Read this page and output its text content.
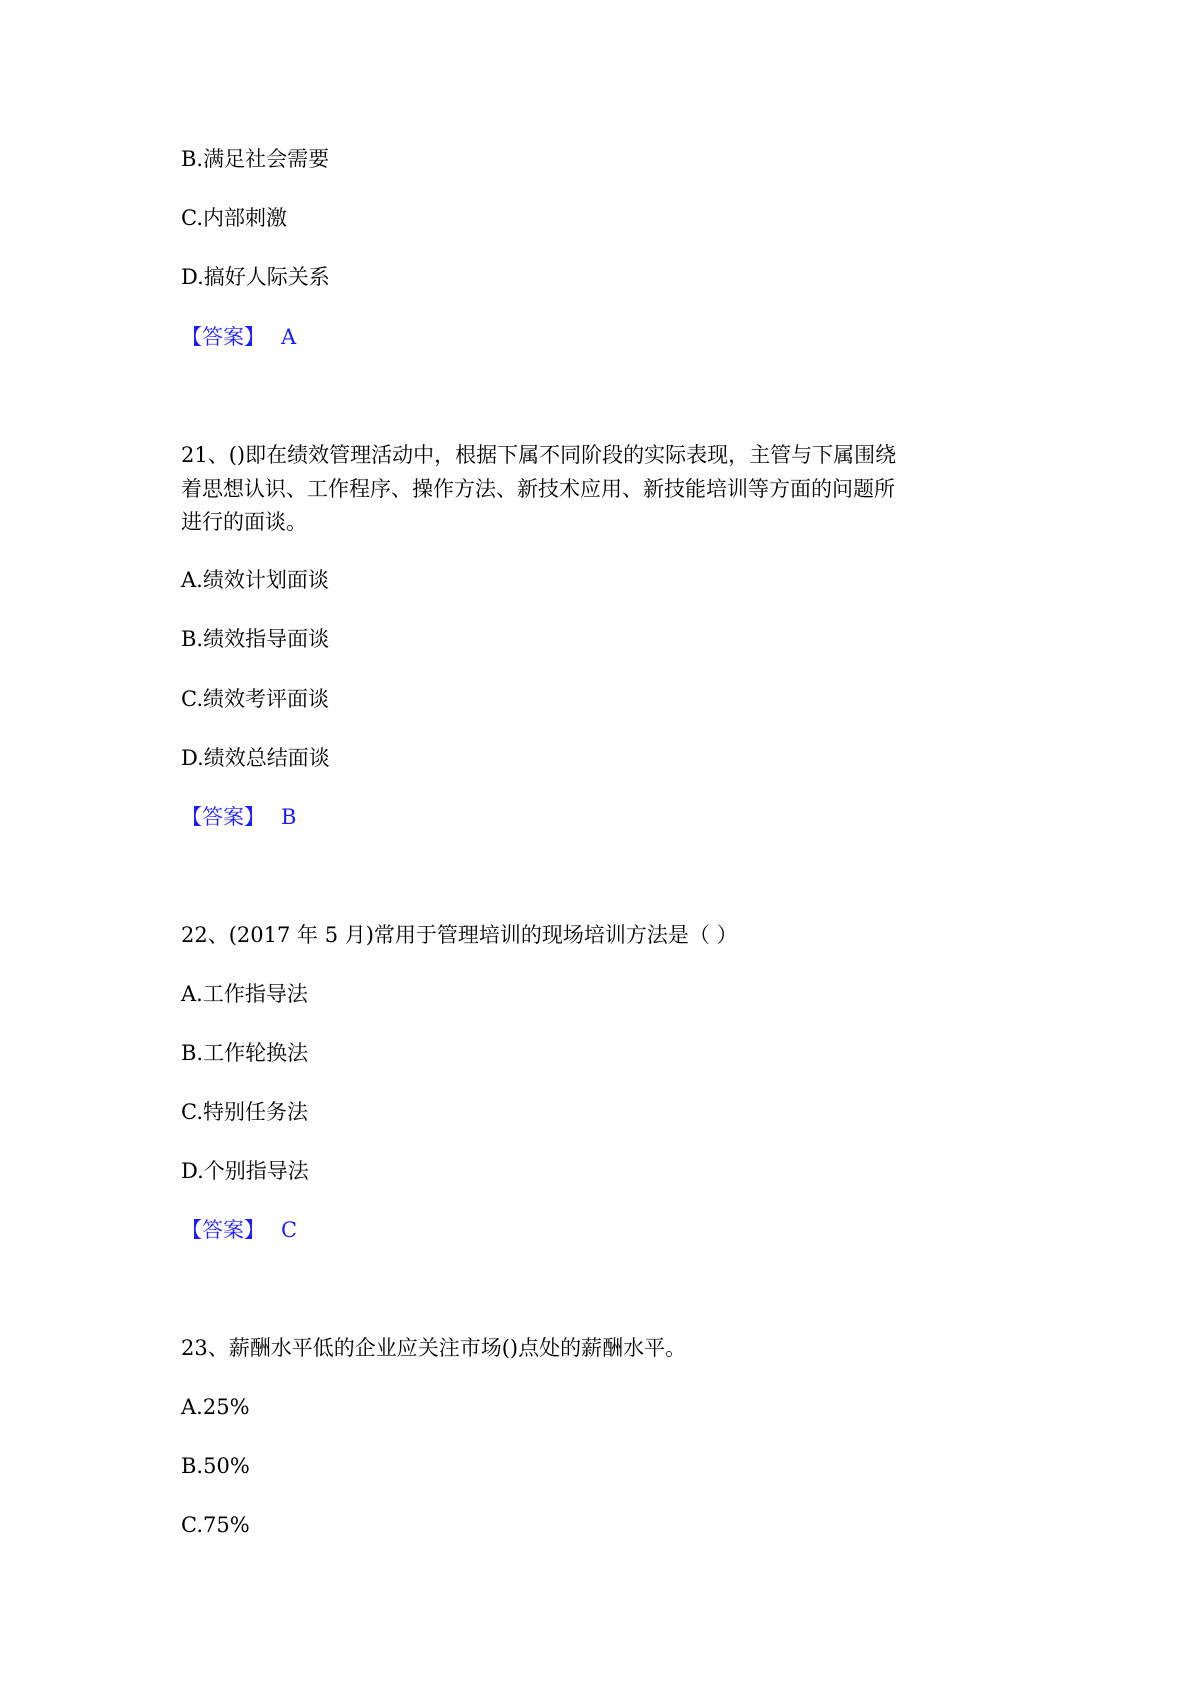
B.满足社会需要

C.内部刺激

D.搞好人际关系

【答案】 A

21、()即在绩效管理活动中，根据下属不同阶段的实际表现，主管与下属围绕

着思想认识、工作程序、操作方法、新技术应用、新技能培训等方面的问题所

进行的面谈。

A.绩效计划面谈

B.绩效指导面谈

C.绩效考评面谈

D.绩效总结面谈

【答案】 B

22、(2017 年 5 月)常用于管理培训的现场培训方法是（ ）

A.工作指导法

B.工作轮换法

C.特别任务法

D.个别指导法

【答案】 C

23、薪酬水平低的企业应关注市场()点处的薪酬水平。

A.25%

B.50%

C.75%
